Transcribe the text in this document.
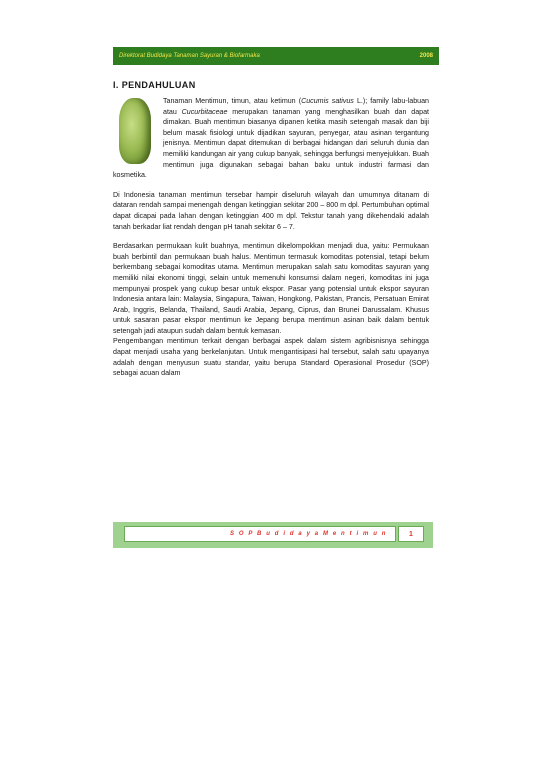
Direktorat Budidaya Tanaman Sayuran & Biofarmaka	2008
I. PENDAHULUAN

Tanaman Mentimun, timun, atau ketimun (Cucumis sativus L.); family labu-labuan atau Cucurbitaceae merupakan tanaman yang menghasilkan buah dan dapat dimakan. Buah mentimun biasanya dipanen ketika masih setengah masak dan biji belum masak fisiologi untuk dijadikan sayuran, penyegar, atau asinan tergantung jenisnya. Mentimun dapat ditemukan di berbagai hidangan dari seluruh dunia dan memiliki kandungan air yang cukup banyak, sehingga berfungsi menyejukkan. Buah mentimun juga digunakan sebagai bahan baku untuk industri farmasi dan kosmetika.

Di Indonesia tanaman mentimun tersebar hampir diseluruh wilayah dan umumnya ditanam di dataran rendah sampai menengah dengan ketinggian sekitar 200 – 800 m dpl. Pertumbuhan optimal dapat dicapai pada lahan dengan ketinggian 400 m dpl. Tekstur tanah yang dikehendaki adalah tanah berkadar liat rendah dengan pH tanah sekitar 6 – 7.

Berdasarkan permukaan kulit buahnya, mentimun dikelompokkan menjadi dua, yaitu: Permukaan buah berbintil dan permukaan buah halus. Mentimun termasuk komoditas potensial, tetapi belum berkembang sebagai komoditas utama. Mentimun merupakan salah satu komoditas sayuran yang memiliki nilai ekonomi tinggi, selain untuk memenuhi konsumsi dalam negeri, komoditas ini juga mempunyai prospek yang cukup besar untuk ekspor. Pasar yang potensial untuk ekspor sayuran Indonesia antara lain: Malaysia, Singapura, Taiwan, Hongkong, Pakistan, Prancis, Persatuan Emirat Arab, Inggris, Belanda, Thailand, Saudi Arabia, Jepang, Ciprus, dan Brunei Darussalam. Khusus untuk sasaran pasar ekspor mentimun ke Jepang berupa mentimun asinan baik dalam bentuk setengah jadi ataupun sudah dalam bentuk kemasan.

Pengembangan mentimun terkait dengan berbagai aspek dalam sistem agribisnisnya sehingga dapat menjadi usaha yang berkelanjutan. Untuk mengantisipasi hal tersebut, salah satu upayanya adalah dengan menyusun suatu standar, yaitu berupa Standard Operasional Prosedur (SOP) sebagai acuan dalam

S O P B u d i d a y a M e n t i m u n	1
